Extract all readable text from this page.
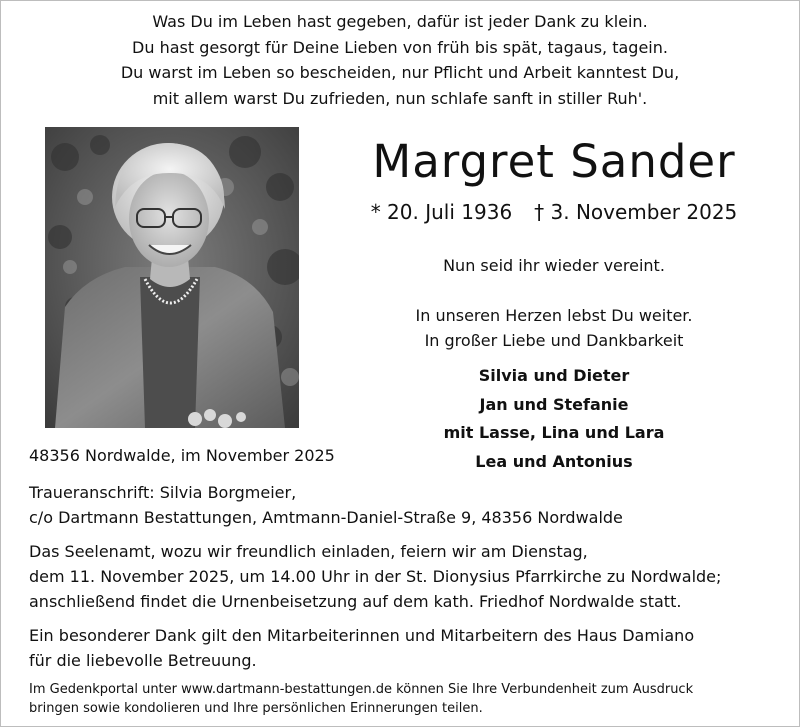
Was Du im Leben hast gegeben, dafür ist jeder Dank zu klein.
Du hast gesorgt für Deine Lieben von früh bis spät, tagaus, tagein.
Du warst im Leben so bescheiden, nur Pflicht und Arbeit kanntest Du,
mit allem warst Du zufrieden, nun schlafe sanft in stiller Ruh'.
Margret Sander
* 20. Juli 1936 † 3. November 2025
Nun seid ihr wieder vereint.
In unseren Herzen lebst Du weiter.
In großer Liebe und Dankbarkeit
Silvia und Dieter
Jan und Stefanie
mit Lasse, Lina und Lara
Lea und Antonius
48356 Nordwalde, im November 2025
Traueranschrift: Silvia Borgmeier,
c/o Dartmann Bestattungen, Amtmann-Daniel-Straße 9, 48356 Nordwalde
Das Seelenamt, wozu wir freundlich einladen, feiern wir am Dienstag,
dem 11. November 2025, um 14.00 Uhr in der St. Dionysius Pfarrkirche zu Nordwalde;
anschließend findet die Urnenbeisetzung auf dem kath. Friedhof Nordwalde statt.
Ein besonderer Dank gilt den Mitarbeiterinnen und Mitarbeitern des Haus Damiano
für die liebevolle Betreuung.
Im Gedenkportal unter www.dartmann-bestattungen.de können Sie Ihre Verbundenheit zum Ausdruck
bringen sowie kondolieren und Ihre persönlichen Erinnerungen teilen.
